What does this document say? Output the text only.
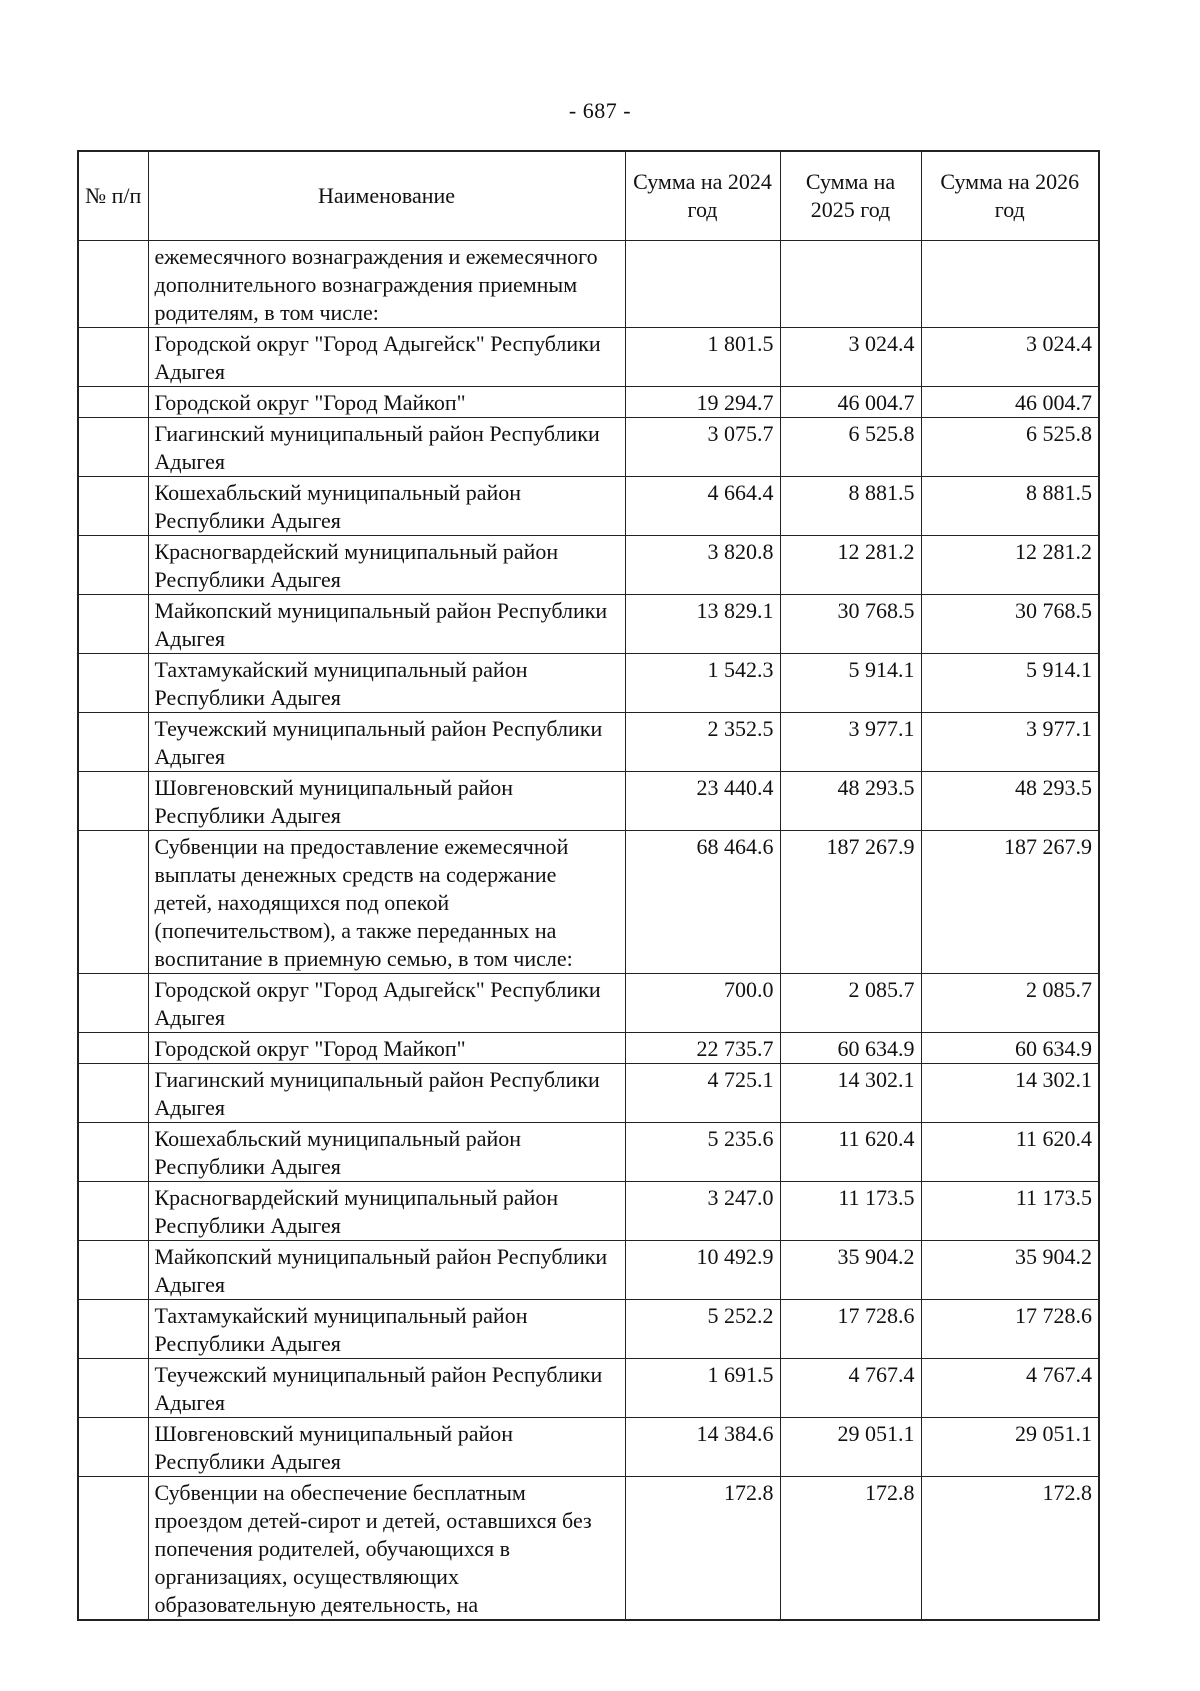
- 687 -
№ п/п	Наименование	Сумма на 2024 год	Сумма на 2025 год	Сумма на 2026 год
	ежемесячного вознаграждения и ежемесячного дополнительного вознаграждения приемным родителям, в том числе:			
	Городской округ "Город Адыгейск" Республики Адыгея	1 801.5	3 024.4	3 024.4
	Городской округ "Город Майкоп"	19 294.7	46 004.7	46 004.7
	Гиагинский муниципальный район Республики Адыгея	3 075.7	6 525.8	6 525.8
	Кошехабльский муниципальный район Республики Адыгея	4 664.4	8 881.5	8 881.5
	Красногвардейский муниципальный район Республики Адыгея	3 820.8	12 281.2	12 281.2
	Майкопский муниципальный район Республики Адыгея	13 829.1	30 768.5	30 768.5
	Тахтамукайский муниципальный район Республики Адыгея	1 542.3	5 914.1	5 914.1
	Теучежский муниципальный район Республики Адыгея	2 352.5	3 977.1	3 977.1
	Шовгеновский муниципальный район Республики Адыгея	23 440.4	48 293.5	48 293.5
	Субвенции на предоставление ежемесячной выплаты денежных средств на содержание детей, находящихся под опекой (попечительством), а также переданных на воспитание в приемную семью, в том числе:	68 464.6	187 267.9	187 267.9
	Городской округ "Город Адыгейск" Республики Адыгея	700.0	2 085.7	2 085.7
	Городской округ "Город Майкоп"	22 735.7	60 634.9	60 634.9
	Гиагинский муниципальный район Республики Адыгея	4 725.1	14 302.1	14 302.1
	Кошехабльский муниципальный район Республики Адыгея	5 235.6	11 620.4	11 620.4
	Красногвардейский муниципальный район Республики Адыгея	3 247.0	11 173.5	11 173.5
	Майкопский муниципальный район Республики Адыгея	10 492.9	35 904.2	35 904.2
	Тахтамукайский муниципальный район Республики Адыгея	5 252.2	17 728.6	17 728.6
	Теучежский муниципальный район Республики Адыгея	1 691.5	4 767.4	4 767.4
	Шовгеновский муниципальный район Республики Адыгея	14 384.6	29 051.1	29 051.1
	Субвенции на обеспечение бесплатным проездом детей-сирот и детей, оставшихся без попечения родителей, обучающихся в организациях, осуществляющих образовательную деятельность, на	172.8	172.8	172.8
